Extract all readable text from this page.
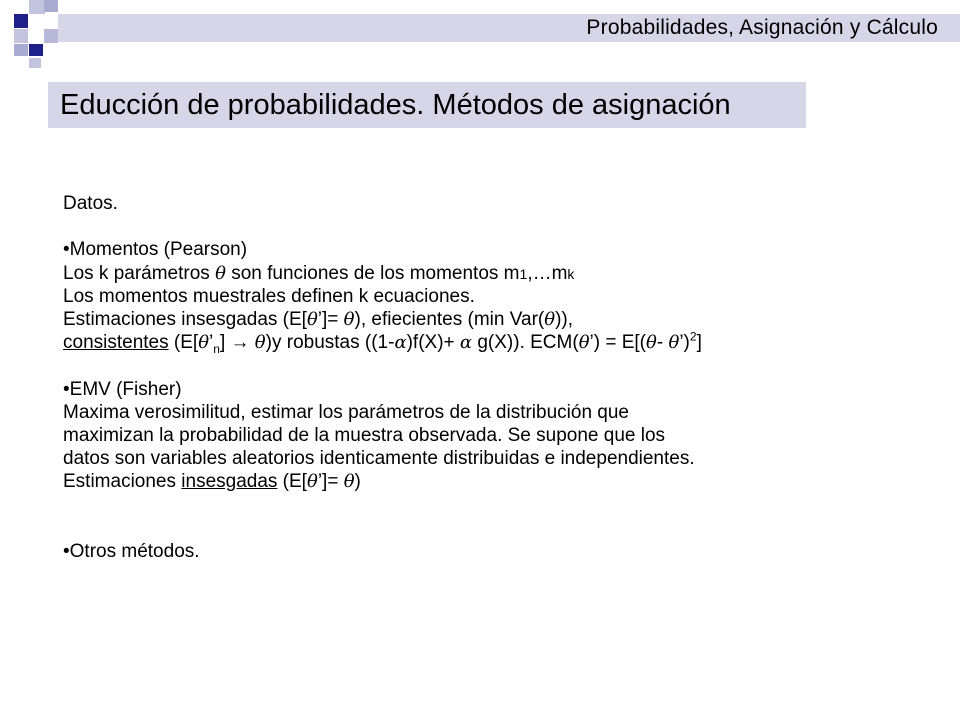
Probabilidades, Asignación y Cálculo
Educción de probabilidades. Métodos de asignación
Datos.
•Momentos (Pearson)
Los k parámetros θ son funciones de los momentos m1,…mk
Los momentos muestrales definen k ecuaciones.
Estimaciones insesgadas (E[θ’]= θ), efiecientes (min Var(θ)),
consistentes $(E[\theta’_n] \to \theta)y$ robustas ((1-α)f(X)+ α g(X)). ECM(θ’) = E[(θ- θ’)$^2$]
•EMV (Fisher)
Maxima verosimilitud, estimar los parámetros de la distribución que
maximizan la probabilidad de la muestra observada. Se supone que los
datos son variables aleatorios identicamente distribuidas e independientes.
Estimaciones insesgadas (E[θ’]= θ)
•Otros métodos.
